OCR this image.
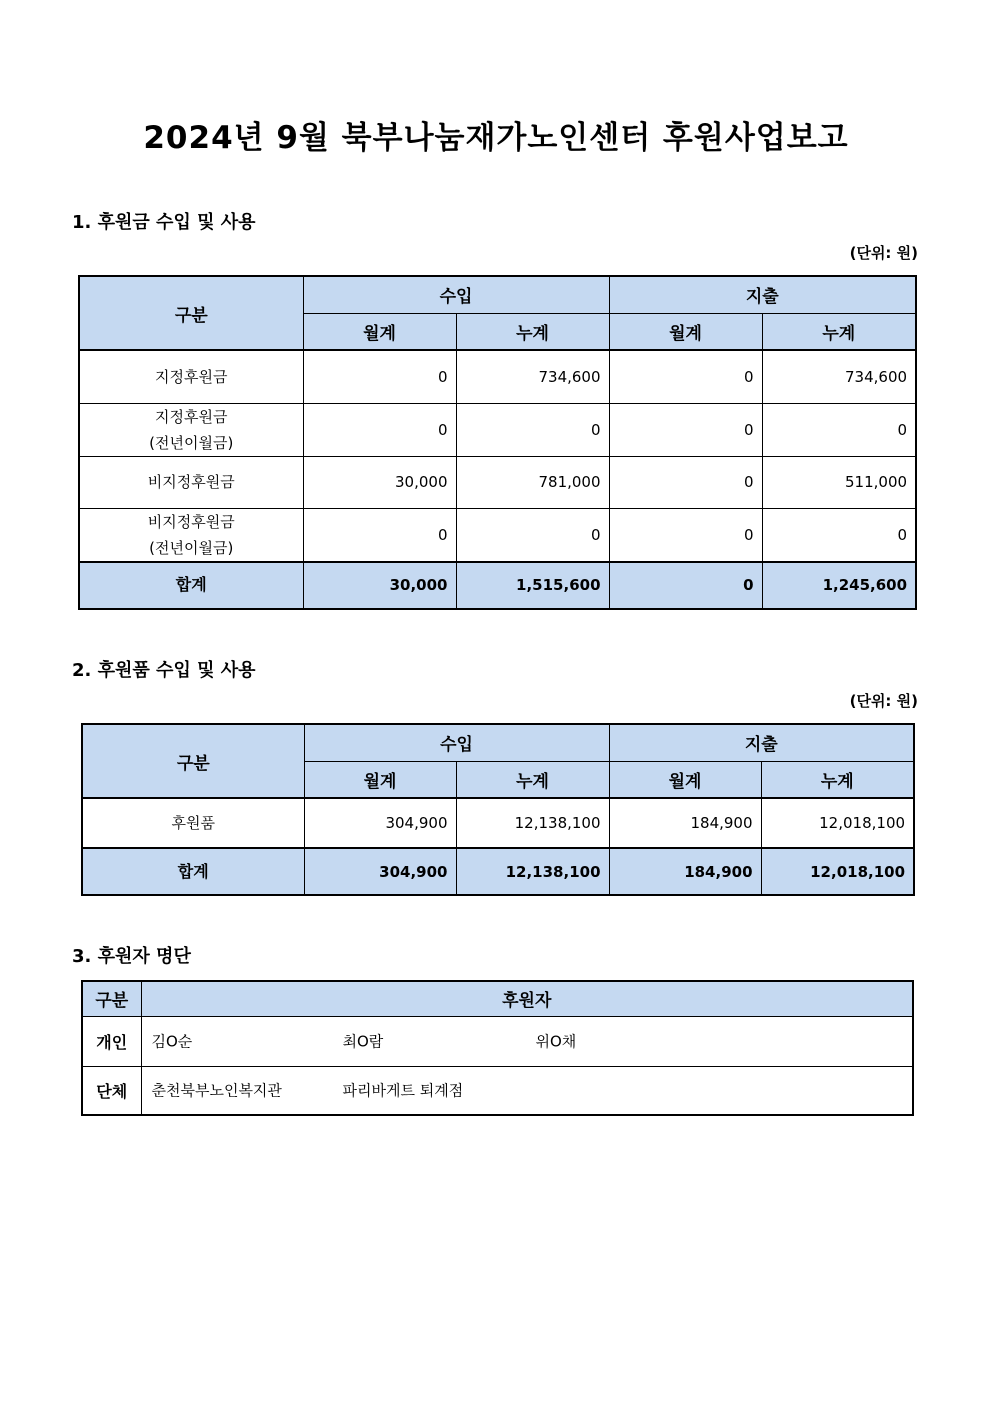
2024년 9월 북부나눔재가노인센터 후원사업보고
1. 후원금 수입 및 사용
(단위: 원)
구분	수입		지출	
	월계	누계	월계	누계

지정후원금	0	734,600	0	734,600

지정후원금
(전년이월금)	0	0	0	0

비지정후원금	30,000	781,000	0	511,000

비지정후원금
(전년이월금)	0	0	0	0
합계	30,000	1,515,600	0	1,245,600
2. 후원품 수입 및 사용
(단위: 원)
구분	수입		지출	
	월계	누계	월계	누계
후원품	304,900	12,138,100	184,900	12,018,100
합계	304,900	12,138,100	184,900	12,018,100
3. 후원자 명단
구분	후원자
개인	김O순 최O람 위O채

단체	춘천북부노인복지관 파리바게트 퇴계점
